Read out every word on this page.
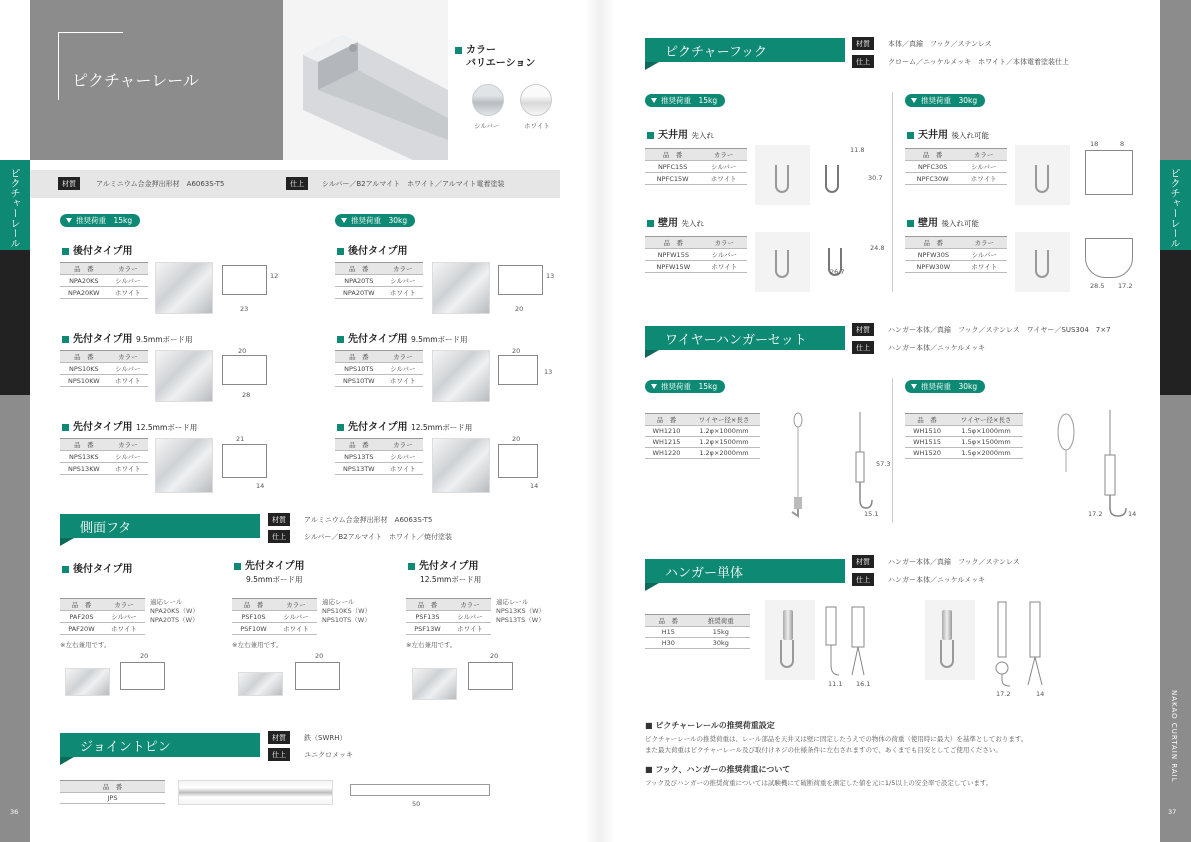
ピクチャーレール
カラー
バリエーション
シルバー	ホワイト
ピクチャーレール
36
材質	アルミニウム合金押出形材　A6063S-T5	仕上	シルバー／B2アルマイト　ホワイト／アルマイト電着塗装
推奨荷重　15kg
後付タイプ用
品　番	カラー
NPA20KS	シルバー
NPA20KW	ホワイト
23
12
先付タイプ用 9.5mmボード用
品　番	カラー
NPS10KS	シルバー
NPS10KW	ホワイト
20
28
先付タイプ用 12.5mmボード用
品　番	カラー
NPS13KS	シルバー
NPS13KW	ホワイト
21
14
推奨荷重　30kg
後付タイプ用
品　番	カラー
NPA20TS	シルバー
NPA20TW	ホワイト
20
13
先付タイプ用 9.5mmボード用
品　番	カラー
NPS10TS	シルバー
NPS10TW	ホワイト
20
13
先付タイプ用 12.5mmボード用
品　番	カラー
NPS13TS	シルバー
NPS13TW	ホワイト
20
14
側面フタ
材質	アルミニウム合金押出形材　A6063S-T5
仕上	シルバー／B2アルマイト　ホワイト／焼付塗装
後付タイプ用
品　番	カラー
PAF20S	シルバー
PAF20W	ホワイト
適応レール
NPA20KS（W）
NPA20TS（W）
※左右兼用です。
20
先付タイプ用
9.5mmボード用
品　番	カラー
PSF10S	シルバー
PSF10W	ホワイト
適応レール
NPS10KS（W）
NPS10TS（W）
※左右兼用です。
20
先付タイプ用
12.5mmボード用
品　番	カラー
PSF13S	シルバー
PSF13W	ホワイト
適応レール
NPS13KS（W）
NPS13TS（W）
※左右兼用です。
20
ジョイントピン
材質	鉄（SWRH）
仕上	ユニクロメッキ
品　番
JPS
50
ピクチャーレール
NAKAO CURTAIN RAIL
37
ピクチャーフック
材質	本体／真鍮　フック／ステンレス
仕上	クローム／ニッケルメッキ　ホワイト／本体電着塗装仕上
推奨荷重　15kg	推奨荷重　30kg
天井用 先入れ
品　番	カラー
NPFC15S	シルバー
NPFC15W	ホワイト
11.8
30.7
壁用 先入れ
品　番	カラー
NPFW15S	シルバー
NPFW15W	ホワイト
26.7
24.8
天井用 後入れ可能
品　番	カラー
NPFC30S	シルバー
NPFC30W	ホワイト
18	8
壁用 後入れ可能
品　番	カラー
NPFW30S	シルバー
NPFW30W	ホワイト
28.5 17.2
ワイヤーハンガーセット
材質	ハンガー本体／真鍮　フック／ステンレス　ワイヤー／SUS304　7×7
仕上	ハンガー本体／ニッケルメッキ
推奨荷重　15kg	推奨荷重　30kg
品　番	ワイヤー径×長さ
WH1210	1.2φ×1000mm
WH1215	1.2φ×1500mm
WH1220	1.2φ×2000mm
57.3
15.1
品　番	ワイヤー径×長さ
WH1510	1.5φ×1000mm
WH1515	1.5φ×1500mm
WH1520	1.5φ×2000mm
17.2	14
ハンガー単体
材質	ハンガー本体／真鍮　フック／ステンレス
仕上	ハンガー本体／ニッケルメッキ
品　番	推奨荷重
H15	15kg
H30	30kg
11.1 16.1
17.2	14
■ ピクチャーレールの推奨荷重設定
ピクチャーレールの推奨荷重は、レール部品を天井又は壁に固定したうえでの物体の荷重（使用時に最大）を基準としております。
また最大荷重はピクチャーレール及び取付けネジの仕様条件に左右されますので、あくまでも目安としてご使用ください。
■ フック、ハンガーの推奨荷重について
フック及びハンガーの推奨荷重については試験機にて破断荷重を測定した値を元に1/5以上の安全率で設定しています。
